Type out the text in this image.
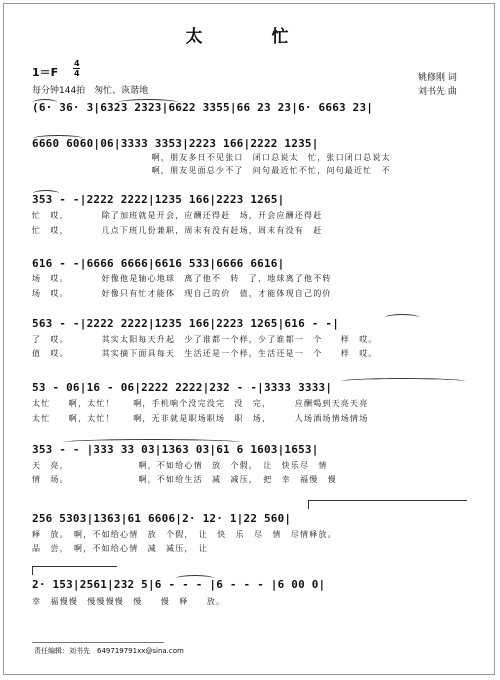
太　忙
1＝F
4
4
每分钟144拍　匆忙、诙谐地
姚修刚 词
刘书先 曲
(6· 36· 3|6323 2323|6622 3355|66 23 23|6· 6663 23|
6660 6060|06|3333 3353|2223 166|2222 1235|
　　　　　　　　　　　　　啊，朋友多日不见张口　闭口总说太　忙，张口闭口总说太
　　　　　　　　　　　　　啊，朋友见面总少不了　问句最近忙不忙，问句最近忙　不
353 - -|2222 2222|1235 166|2223 1265|
忙　哎，　　　　除了加班就是开会，应酬还得赶　场，开会应酬还得赶
忙　哎，　　　　几点下班几份兼职，周末有没有赶场，周末有没有　赶
616 - -|6666 6666|6616 533|6666 6616|
场　哎。　　　　好像他是轴心地球　离了他不　转　了，地球离了他不转
场　哎。　　　　好像只有忙才能体　现自己的价　值，才能体现自己的价
563 - -|2222 2222|1235 166|2223 1265|616 - -|
了　哎。　　　　其实太阳每天升起　少了谁都一个样，少了谁都一　个　　样　哎。
值　哎。　　　　其实摘下面具每天　生活还是一个样，生活还是一　个　　样　哎。
53 - 06|16 - 06|2222 2222|232 - -|3333 3333|
太忙　　啊，太忙！　　啊，手机响个没完没完　没　完，　　　应酬喝到天亮天亮
太忙　　啊，太忙！　　啊，无非就是职场职场　职　场，　　　人场酒场情场情场
353 - - |333 33 03|1363 03|61 6 1603|1653|
天　亮，　　　　　　　　啊，不如给心情　放　个假，　让　快乐尽　情
情　场。　　　　　　　　啊，不如给生活　减　减压，　把　幸　福慢　慢
256 5303|1363|61 6606|2· 12· 1|22 560|
释　放。　啊，不如给心情　放　个假，　让　快　乐　尽　情　尽情释放。
品　尝，　啊，不如给心情　减　减压，　让
2· 153|2561|232 5|6 - - - |6 - - - |6 00 0|
幸　福慢慢　慢慢慢慢　慢　　慢　释　　放。
责任编辑：刘书先　649719791xx@sina.com
